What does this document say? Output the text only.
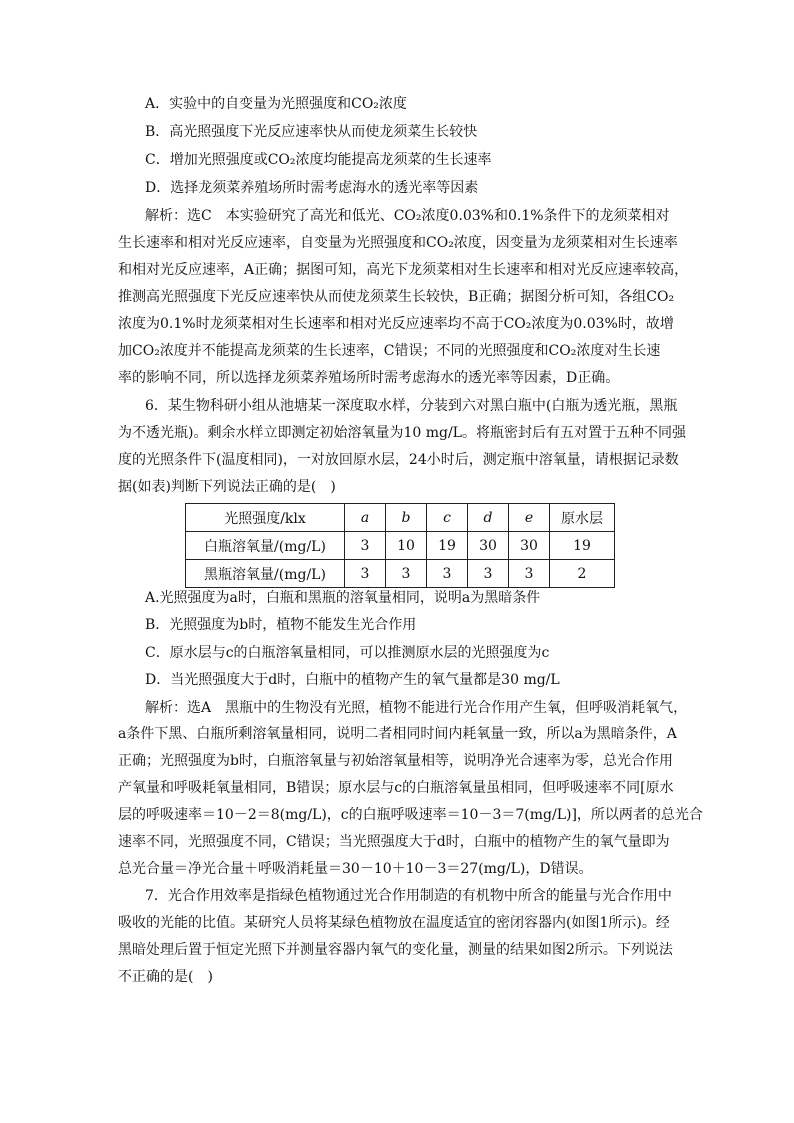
A．实验中的自变量为光照强度和CO₂浓度
B．高光照强度下光反应速率快从而使龙须菜生长较快
C．增加光照强度或CO₂浓度均能提高龙须菜的生长速率
D．选择龙须菜养殖场所时需考虑海水的透光率等因素
解析：选C　本实验研究了高光和低光、CO₂浓度0.03%和0.1%条件下的龙须菜相对
生长速率和相对光反应速率，自变量为光照强度和CO₂浓度，因变量为龙须菜相对生长速率
和相对光反应速率，A正确；据图可知，高光下龙须菜相对生长速率和相对光反应速率较高，
推测高光照强度下光反应速率快从而使龙须菜生长较快，B正确；据图分析可知，各组CO₂
浓度为0.1%时龙须菜相对生长速率和相对光反应速率均不高于CO₂浓度为0.03%时，故增
加CO₂浓度并不能提高龙须菜的生长速率，C错误；不同的光照强度和CO₂浓度对生长速
率的影响不同，所以选择龙须菜养殖场所时需考虑海水的透光率等因素，D正确。
6．某生物科研小组从池塘某一深度取水样，分装到六对黑白瓶中(白瓶为透光瓶，黑瓶
为不透光瓶)。剩余水样立即测定初始溶氧量为10 mg/L。将瓶密封后有五对置于五种不同强
度的光照条件下(温度相同)，一对放回原水层，24小时后，测定瓶中溶氧量，请根据记录数
据(如表)判断下列说法正确的是(　)
光照强度/klx	a	b	c	d	e	原水层
白瓶溶氧量/(mg/L)	3	10	19	30	30	19
黑瓶溶氧量/(mg/L)	3	3	3	3	3	2
A.光照强度为a时，白瓶和黑瓶的溶氧量相同，说明a为黑暗条件
B．光照强度为b时，植物不能发生光合作用
C．原水层与c的白瓶溶氧量相同，可以推测原水层的光照强度为c
D．当光照强度大于d时，白瓶中的植物产生的氧气量都是30 mg/L
解析：选A　黑瓶中的生物没有光照，植物不能进行光合作用产生氧，但呼吸消耗氧气，
a条件下黑、白瓶所剩溶氧量相同，说明二者相同时间内耗氧量一致，所以a为黑暗条件，A
正确；光照强度为b时，白瓶溶氧量与初始溶氧量相等，说明净光合速率为零，总光合作用
产氧量和呼吸耗氧量相同，B错误；原水层与c的白瓶溶氧量虽相同，但呼吸速率不同[原水
层的呼吸速率＝10－2＝8(mg/L)，c的白瓶呼吸速率＝10－3＝7(mg/L)]，所以两者的总光合
速率不同，光照强度不同，C错误；当光照强度大于d时，白瓶中的植物产生的氧气量即为
总光合量＝净光合量＋呼吸消耗量＝30－10＋10－3＝27(mg/L)，D错误。
7．光合作用效率是指绿色植物通过光合作用制造的有机物中所含的能量与光合作用中
吸收的光能的比值。某研究人员将某绿色植物放在温度适宜的密闭容器内(如图1所示)。经
黑暗处理后置于恒定光照下并测量容器内氧气的变化量，测量的结果如图2所示。下列说法
不正确的是(　)
